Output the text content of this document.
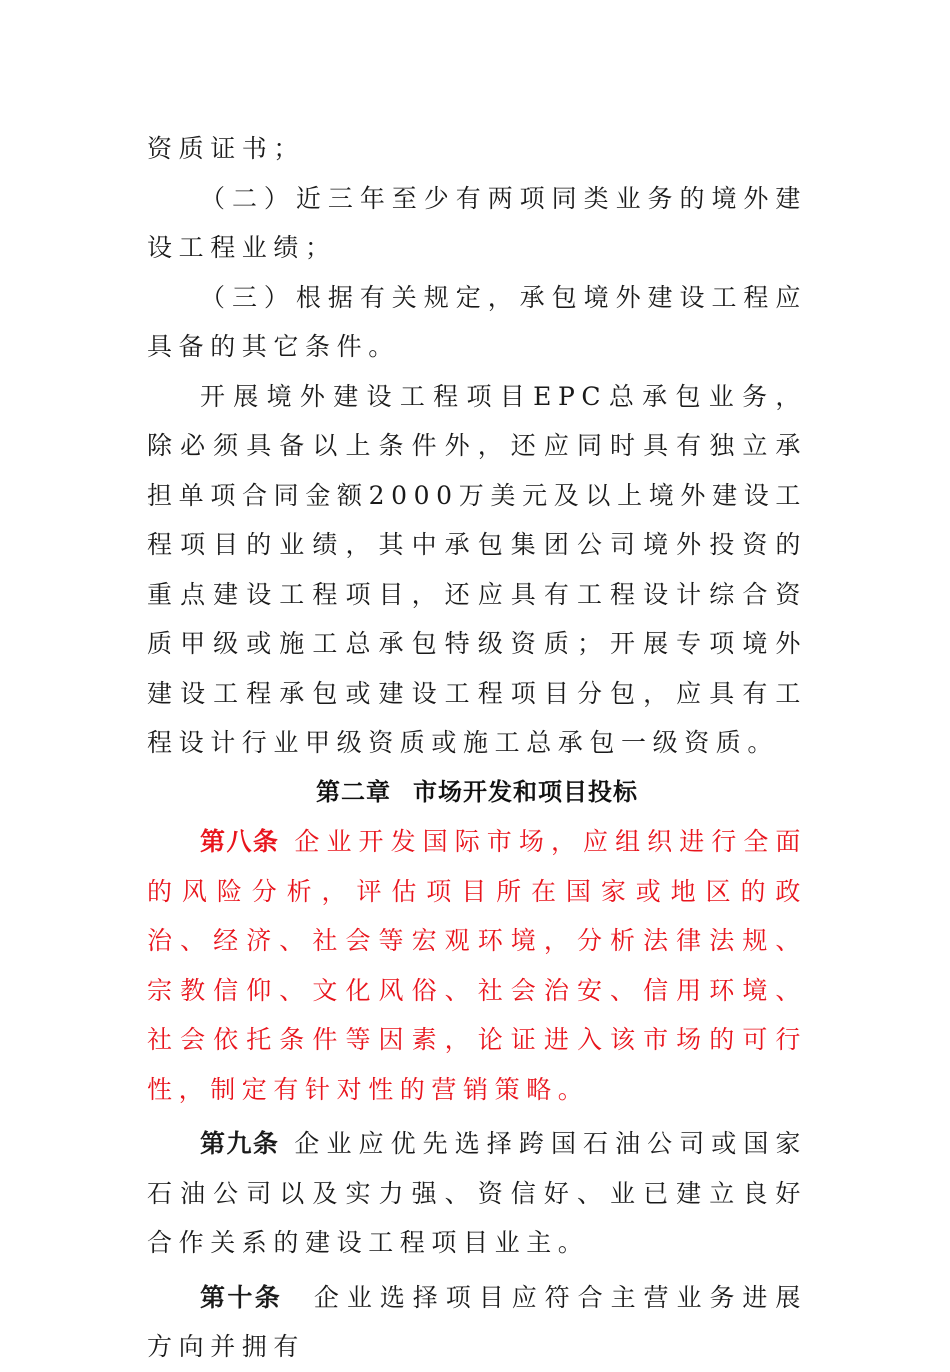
资质证书；

（二）近三年至少有两项同类业务的境外建设工程业绩；

（三）根据有关规定，承包境外建设工程应具备的其它条件。

开展境外建设工程项目EPC总承包业务，除必须具备以上条件外，还应同时具有独立承担单项合同金额2000万美元及以上境外建设工程项目的业绩，其中承包集团公司境外投资的重点建设工程项目，还应具有工程设计综合资质甲级或施工总承包特级资质；开展专项境外建设工程承包或建设工程项目分包，应具有工程设计行业甲级资质或施工总承包一级资质。

第二章 市场开发和项目投标

第八条 企业开发国际市场，应组织进行全面的风险分析，评估项目所在国家或地区的政治、经济、社会等宏观环境，分析法律法规、宗教信仰、文化风俗、社会治安、信用环境、社会依托条件等因素，论证进入该市场的可行性，制定有针对性的营销策略。

第九条 企业应优先选择跨国石油公司或国家石油公司以及实力强、资信好、业已建立良好合作关系的建设工程项目业主。

第十条 企业选择项目应符合主营业务进展方向并拥有
